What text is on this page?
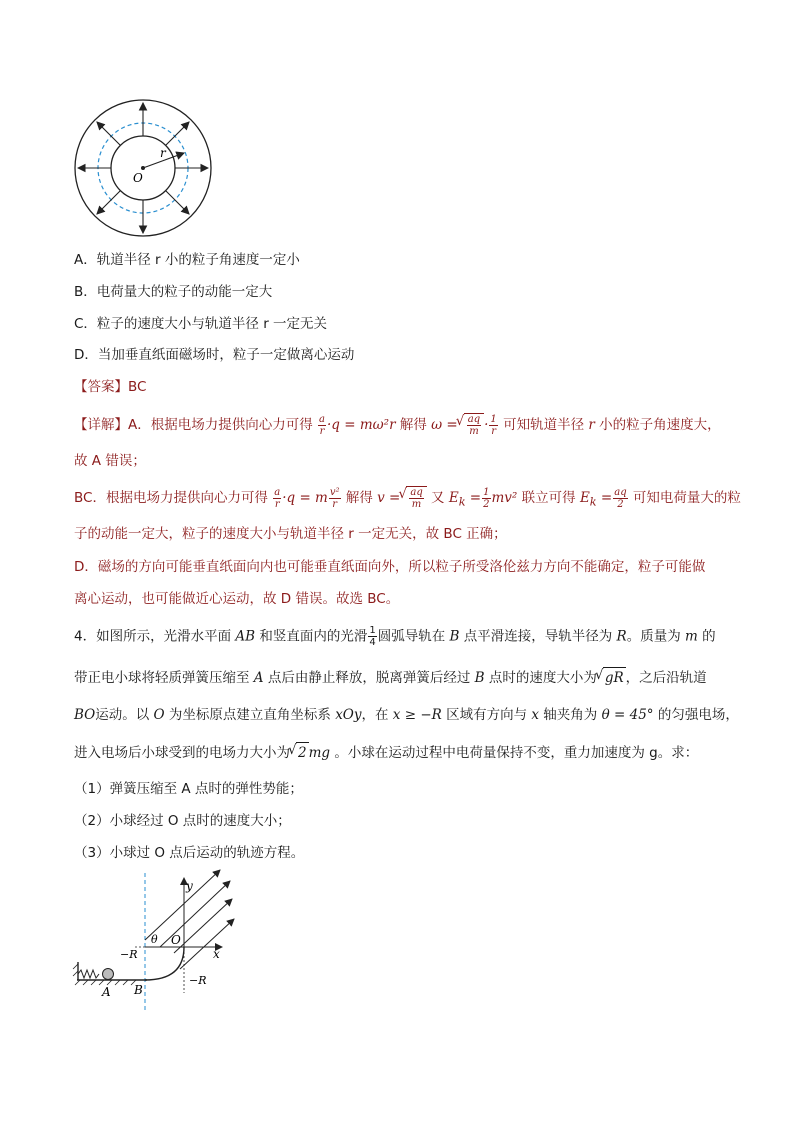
r
O
A．轨道半径 r 小的粒子角速度一定小
B．电荷量大的粒子的动能一定大
C．粒子的速度大小与轨道半径 r 一定无关
D．当加垂直纸面磁场时，粒子一定做离心运动
【答案】BC
【详解】A．根据电场力提供向心力可得 $\frac{a}{r} \cdot q = m\omega^2r$ 解得 ω = √ $\frac{aq}{m} \cdot \frac{1}{r}$ 可知轨道半径 r 小的粒子角速度大，
故 A 错误；
BC．根据电场力提供向心力可得 $\frac{a}{r} \cdot q = m \frac{\text{v²}}{r}$ 解得 v = √ $\frac{aq}{m}$ 又 $E_k = \frac{1}{2} mv^2$ 联立可得 $E_k = \frac{aq}{2}$ 可知电荷量大的粒
子的动能一定大，粒子的速度大小与轨道半径 r 一定无关，故 BC 正确；
D．磁场的方向可能垂直纸面向内也可能垂直纸面向外，所以粒子所受洛伦兹力方向不能确定，粒子可能做
离心运动，也可能做近心运动，故 D 错误。故选 BC。
4．如图所示，光滑水平面 AB 和竖直面内的光滑 $\frac{1}{4}$ 圆弧导轨在 B 点平滑连接，导轨半径为 R。质量为 m 的
带正电小球将轻质弹簧压缩至 A 点后由静止释放，脱离弹簧后经过 B 点时的速度大小为 √ gR ，之后沿轨道
BO运动。以 O 为坐标原点建立直角坐标系 xOy，在 x ≥ −R 区域有方向与 x 轴夹角为 θ = 45° 的匀强电场，
进入电场后小球受到的电场力大小为 √ 2 mg 。小球在运动过程中电荷量保持不变，重力加速度为 g。求：
（1）弹簧压缩至 A 点时的弹性势能；
（2）小球经过 O 点时的速度大小；
（3）小球过 O 点后运动的轨迹方程。
y
x
O
θ
−R
−R
A B
